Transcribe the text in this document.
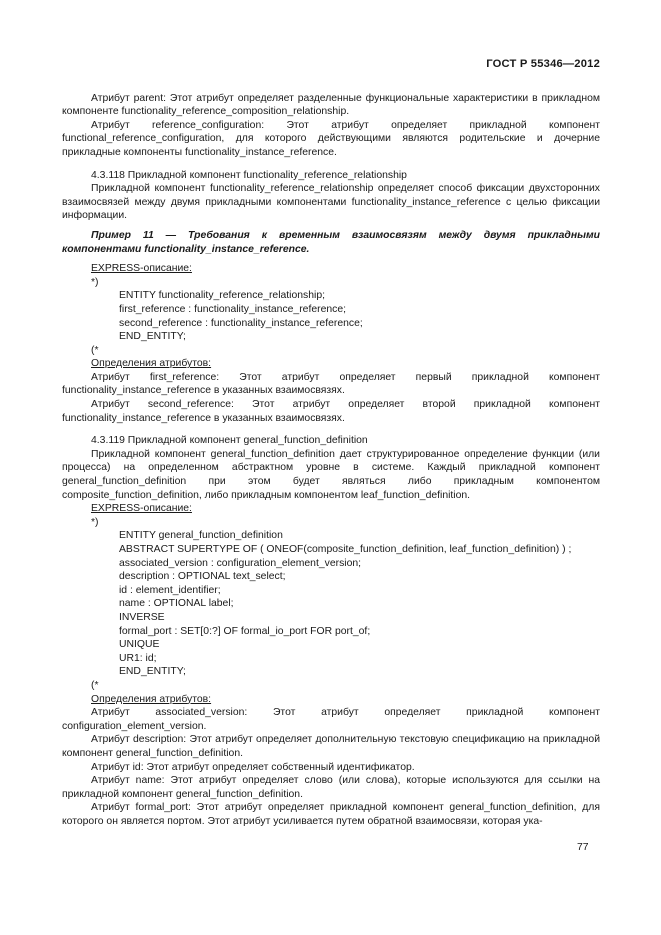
ГОСТ Р 55346—2012

Атрибут parent: Этот атрибут определяет разделенные функциональные характеристики в прикладном компоненте functionality_reference_composition_relationship.

Атрибут reference_configuration: Этот атрибут определяет прикладной компонент functional_reference_configuration, для которого действующими являются родительские и дочерние прикладные компоненты functionality_instance_reference.

4.3.118 Прикладной компонент functionality_reference_relationship

Прикладной компонент functionality_reference_relationship определяет способ фиксации двухсторонних взаимосвязей между двумя прикладными компонентами functionality_instance_reference с целью фиксации информации.

Пример 11 — Требования к временным взаимосвязям между двумя прикладными компонентами functionality_instance_reference.

EXPRESS-описание:

*)

ENTITY functionality_reference_relationship;

first_reference : functionality_instance_reference;

second_reference : functionality_instance_reference;

END_ENTITY;

(*

Определения атрибутов:

Атрибут first_reference: Этот атрибут определяет первый прикладной компонент functionality_instance_reference в указанных взаимосвязях.

Атрибут second_reference: Этот атрибут определяет второй прикладной компонент functionality_instance_reference в указанных взаимосвязях.

4.3.119 Прикладной компонент general_function_definition

Прикладной компонент general_function_definition дает структурированное определение функции (или процесса) на определенном абстрактном уровне в системе. Каждый прикладной компонент general_function_definition при этом будет являться либо прикладным компонентом composite_function_definition, либо прикладным компонентом leaf_function_definition.

EXPRESS-описание:

*)

ENTITY general_function_definition

ABSTRACT SUPERTYPE OF ( ONEOF(composite_function_definition, leaf_function_definition) ) ;

associated_version : configuration_element_version;

description : OPTIONAL text_select;

id : element_identifier;

name : OPTIONAL label;

INVERSE

formal_port : SET[0:?] OF formal_io_port FOR port_of;

UNIQUE

UR1: id;

END_ENTITY;

(*

Определения атрибутов:

Атрибут associated_version: Этот атрибут определяет прикладной компонент configuration_element_version.

Атрибут description: Этот атрибут определяет дополнительную текстовую спецификацию на прикладной компонент general_function_definition.

Атрибут id: Этот атрибут определяет собственный идентификатор.

Атрибут name: Этот атрибут определяет слово (или слова), которые используются для ссылки на прикладной компонент general_function_definition.

Атрибут formal_port: Этот атрибут определяет прикладной компонент general_function_definition, для которого он является портом. Этот атрибут усиливается путем обратной взаимосвязи, которая ука-

77
